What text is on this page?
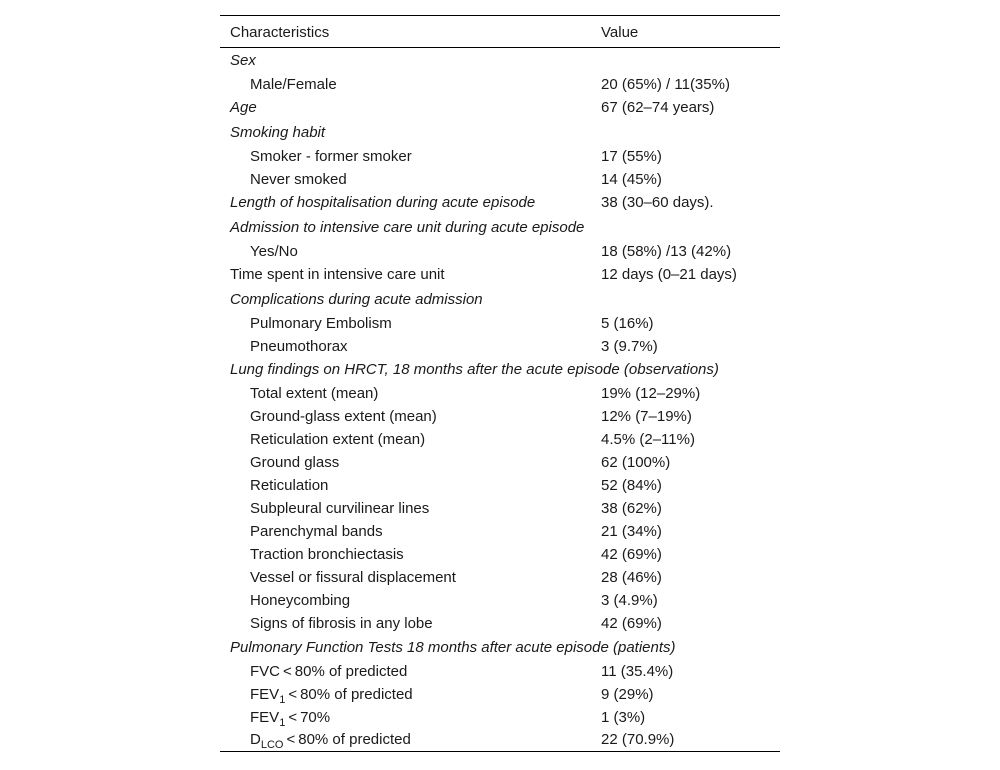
Characteristics	Value
Sex	
Male/Female	20 (65%) / 11(35%)
Age	67 (62–74 years)
Smoking habit	
Smoker - former smoker	17 (55%)
Never smoked	14 (45%)
Length of hospitalisation during acute episode	38 (30–60 days).
Admission to intensive care unit during acute episode	
Yes/No	18 (58%) /13 (42%)
Time spent in intensive care unit	12 days (0–21 days)
Complications during acute admission	
Pulmonary Embolism	5 (16%)
Pneumothorax	3 (9.7%)
Lung findings on HRCT, 18 months after the acute episode (observations)	
Total extent (mean)	19% (12–29%)
Ground-glass extent (mean)	12% (7–19%)
Reticulation extent (mean)	4.5% (2–11%)
Ground glass	62 (100%)
Reticulation	52 (84%)
Subpleural curvilinear lines	38 (62%)
Parenchymal bands	21 (34%)
Traction bronchiectasis	42 (69%)
Vessel or fissural displacement	28 (46%)
Honeycombing	3 (4.9%)
Signs of fibrosis in any lobe	42 (69%)
Pulmonary Function Tests 18 months after acute episode (patients)	
FVC < 80% of predicted	11 (35.4%)
$FEV_1 < 80\%$ of predicted	9 (29%)
$FEV_1 < 70\%$	1 (3%)
$D_{LCO} < 80\%$ of predicted	22 (70.9%)
